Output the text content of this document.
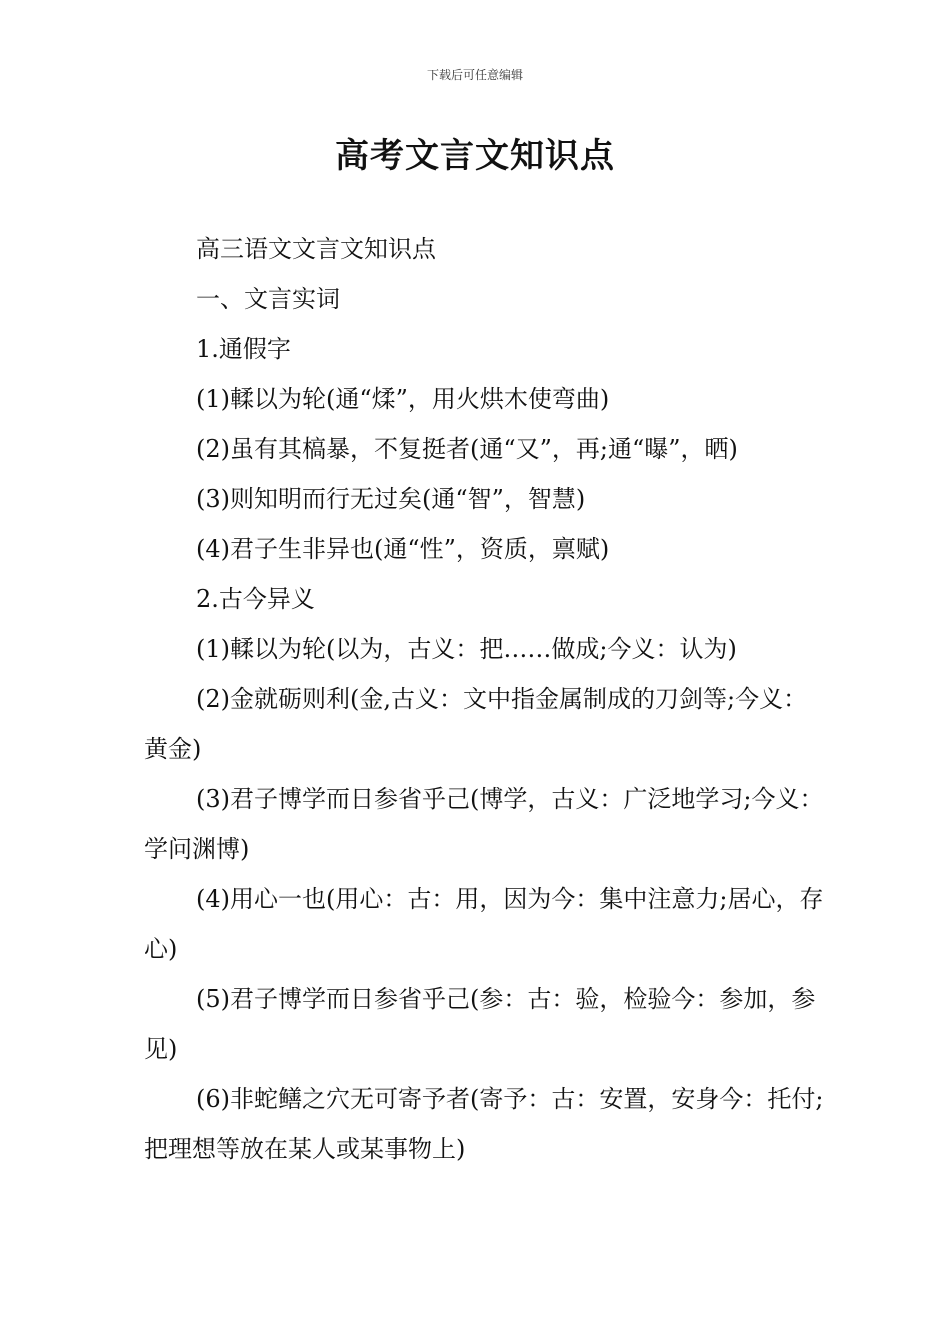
下载后可任意编辑
高考文言文知识点

高三语文文言文知识点

一、文言实词

1.通假字

(1)輮以为轮(通“煣”，用火烘木使弯曲)

(2)虽有其槁暴，不复挺者(通“又”，再;通“曝”，晒)

(3)则知明而行无过矣(通“智”，智慧)

(4)君子生非异也(通“性”，资质，禀赋)

2.古今异义

(1)輮以为轮(以为，古义：把……做成;今义：认为)

(2)金就砺则利(金,古义：文中指金属制成的刀剑等;今义：黄金)

(3)君子博学而日参省乎己(博学，古义：广泛地学习;今义：学问渊博)

(4)用心一也(用心：古：用，因为今：集中注意力;居心，存心)

(5)君子博学而日参省乎己(参：古：验，检验今：参加，参见)

(6)非蛇鳝之穴无可寄予者(寄予：古：安置，安身今：托付;把理想等放在某人或某事物上)
